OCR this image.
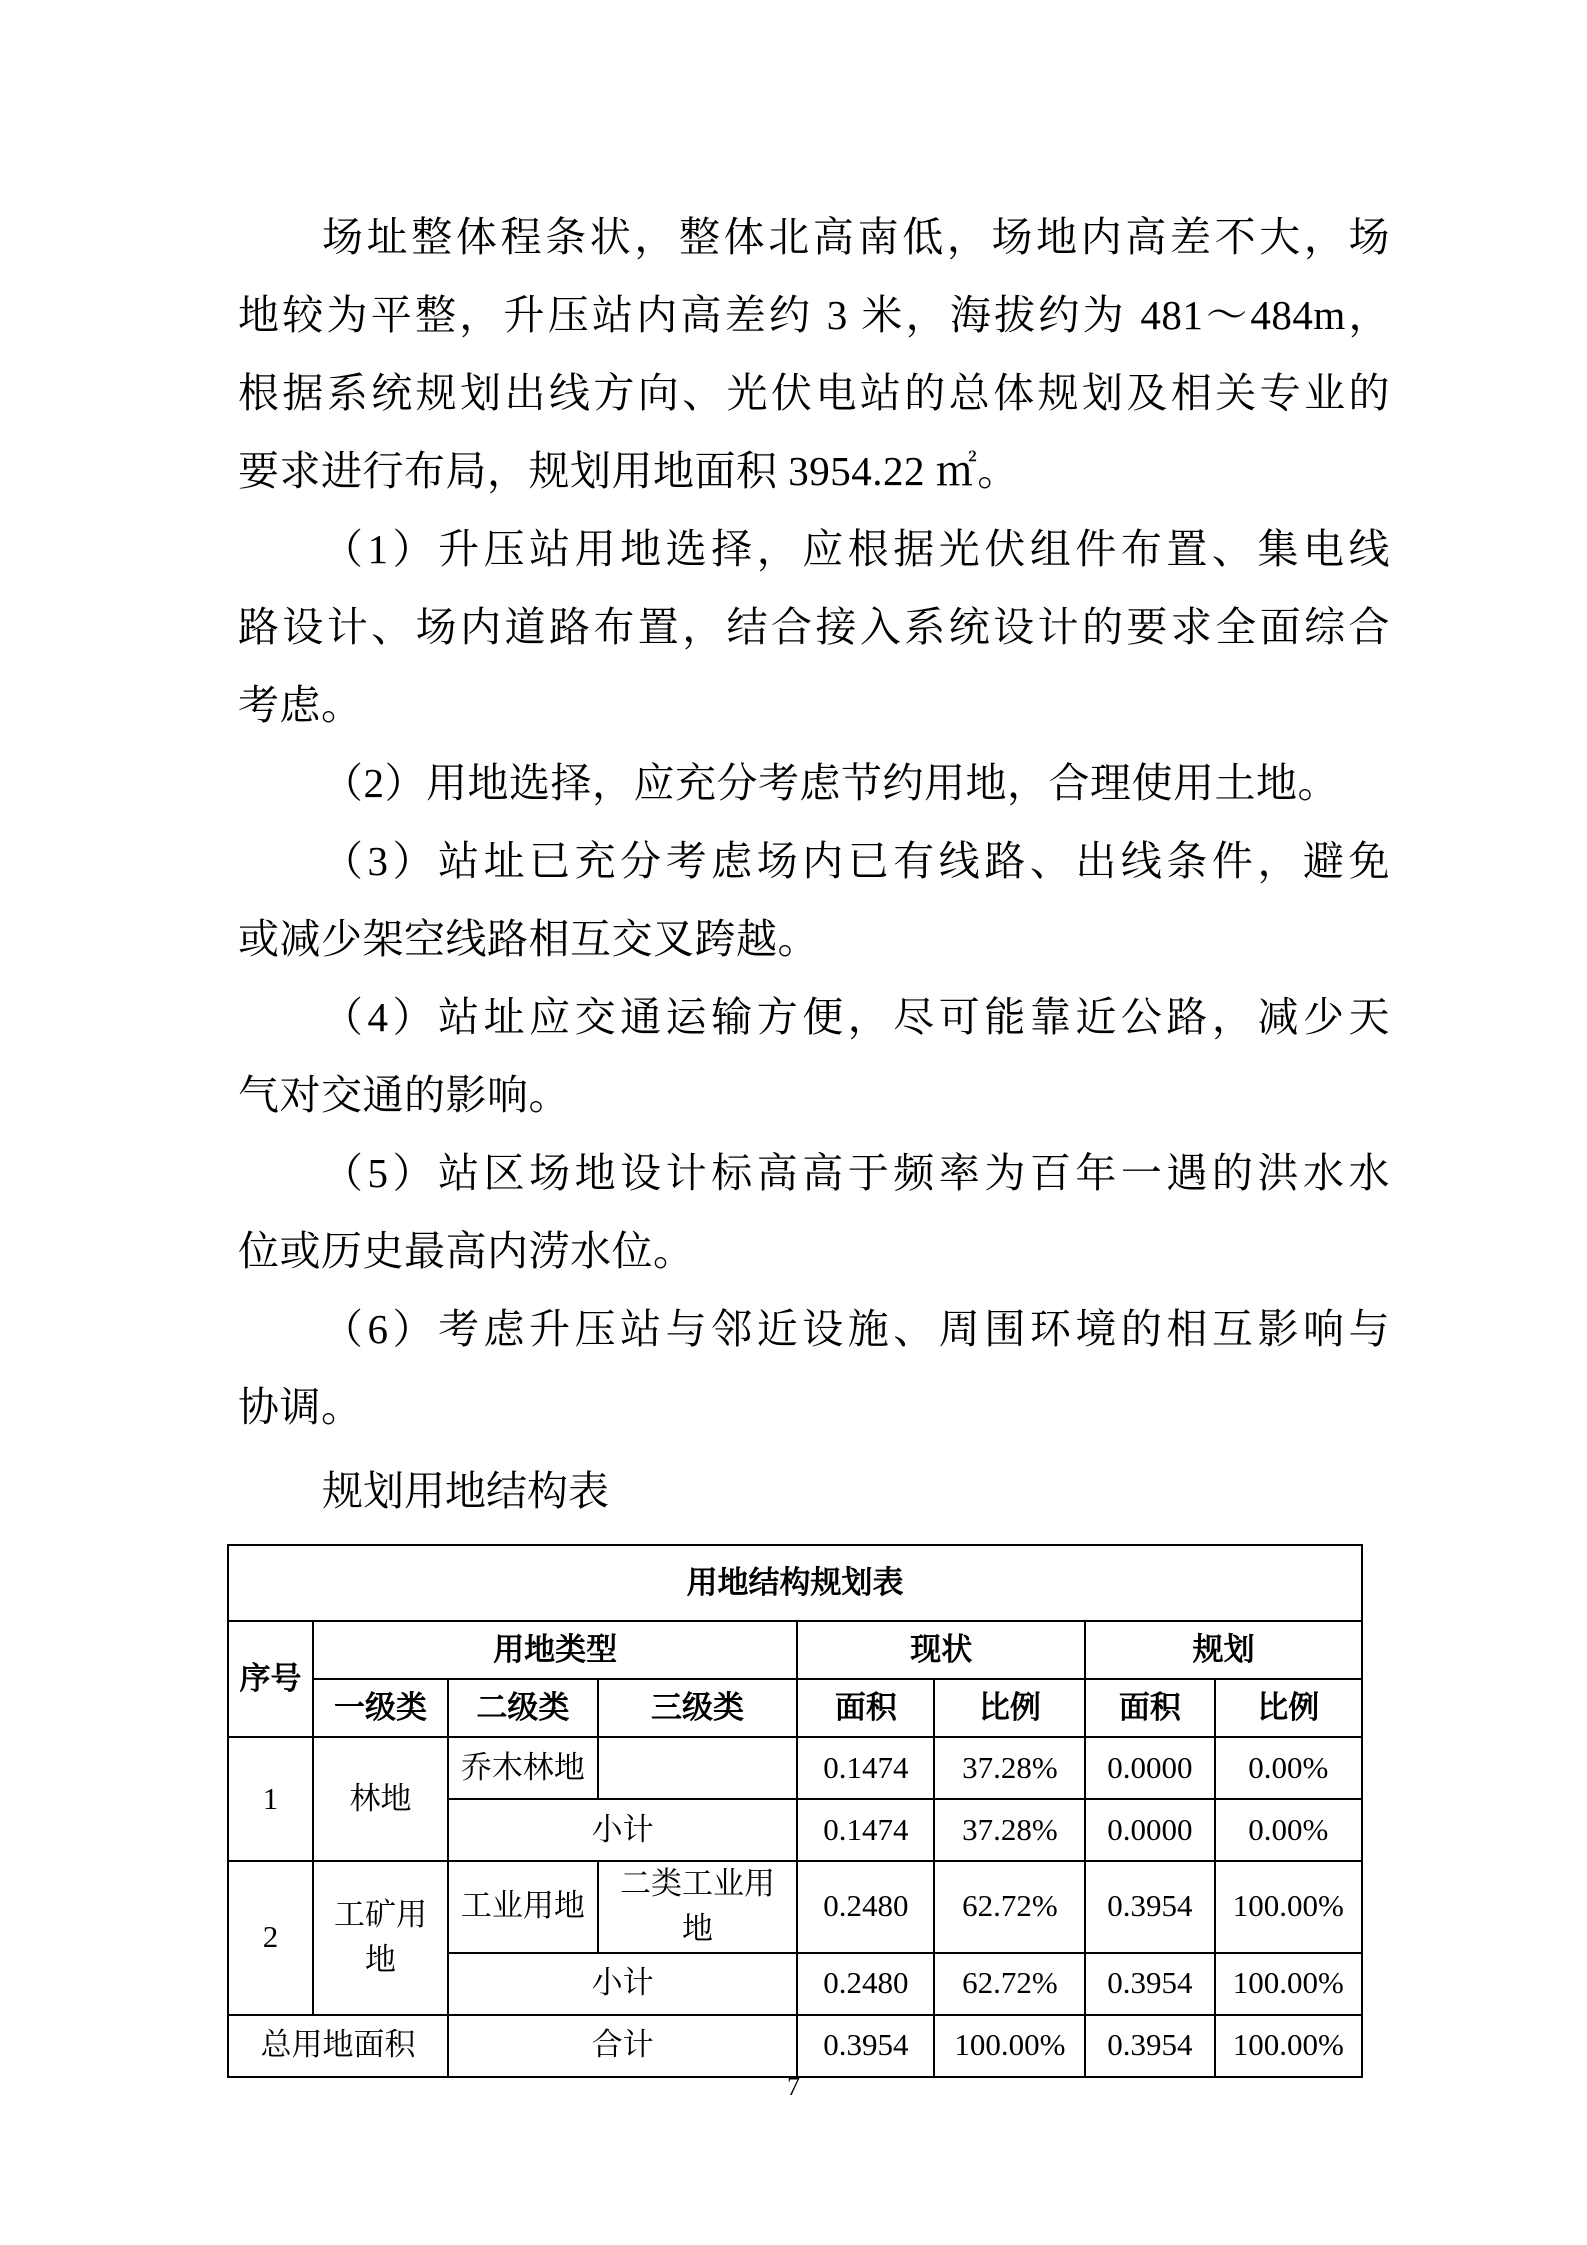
场址整体程条状，整体北高南低，场地内高差不大，场
地较为平整，升压站内高差约 3 米，海拔约为 481～484m，
根据系统规划出线方向、光伏电站的总体规划及相关专业的
要求进行布局，规划用地面积 3954.22 ㎡。
（1）升压站用地选择，应根据光伏组件布置、集电线
路设计、场内道路布置，结合接入系统设计的要求全面综合
考虑。
（2）用地选择，应充分考虑节约用地，合理使用土地。
（3）站址已充分考虑场内已有线路、出线条件，避免
或减少架空线路相互交叉跨越。
（4）站址应交通运输方便，尽可能靠近公路，减少天
气对交通的影响。
（5）站区场地设计标高高于频率为百年一遇的洪水水
位或历史最高内涝水位。
（6）考虑升压站与邻近设施、周围环境的相互影响与
协调。
规划用地结构表
用地结构规划表							
序号	用地类型			现状		规划	
	一级类	二级类	三级类	面积	比例	面积	比例
1	林地	乔木林地		0.1474	37.28%	0.0000	0.00%
		小计		0.1474	37.28%	0.0000	0.00%
2	工矿用地	工业用地	二类工业用地	0.2480	62.72%	0.3954	100.00%
		小计		0.2480	62.72%	0.3954	100.00%
总用地面积		合计		0.3954	100.00%	0.3954	100.00%
7
